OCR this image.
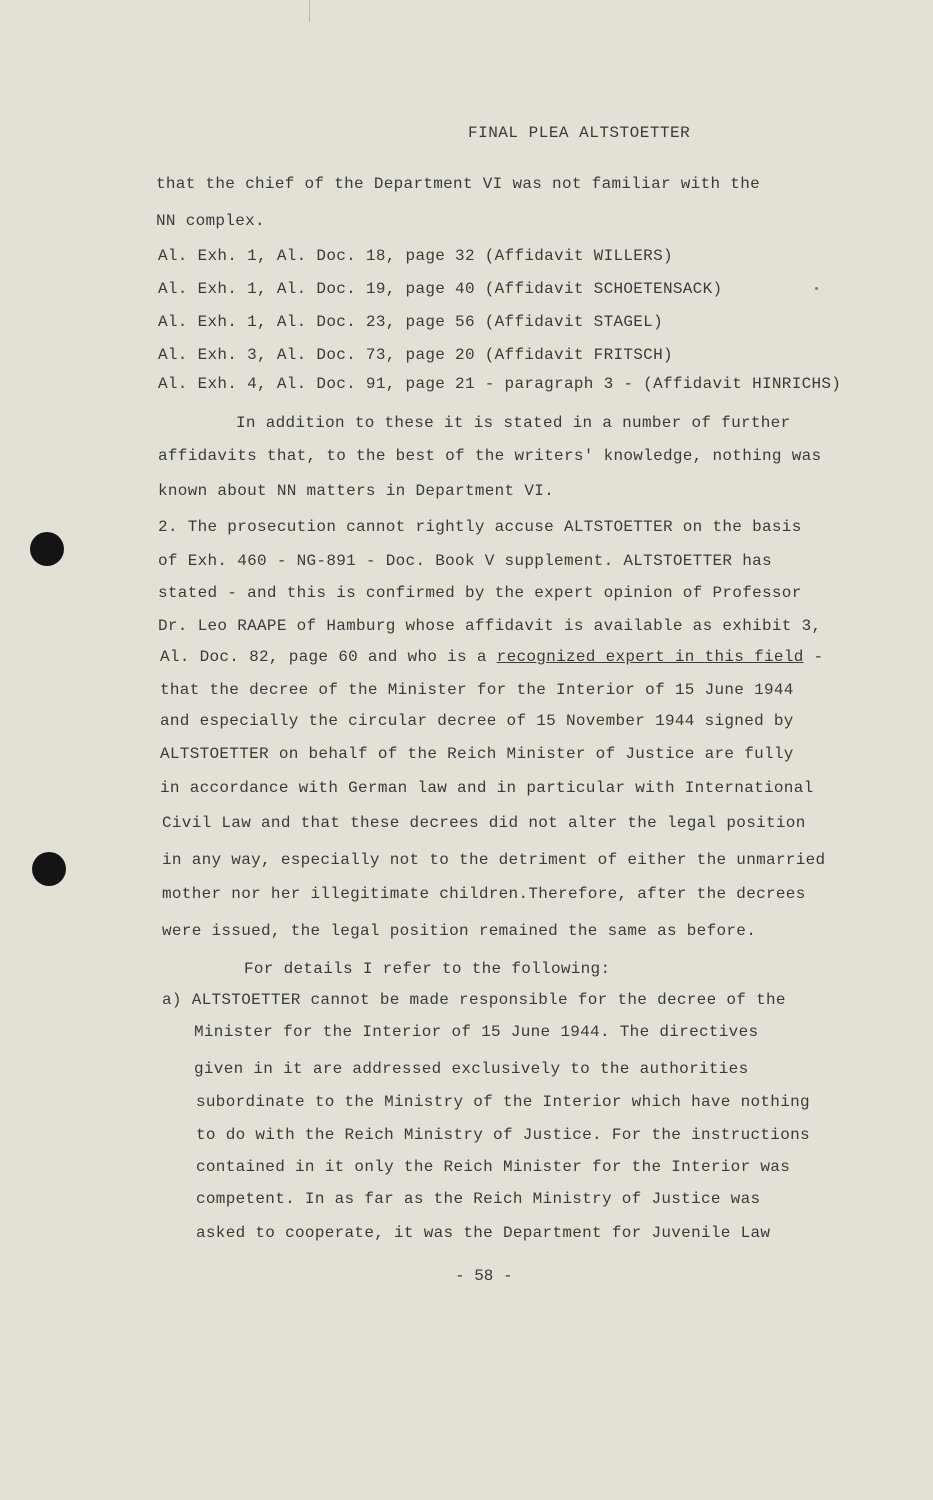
FINAL PLEA ALTSTOETTER
that the chief of the Department VI was not familiar with the
NN complex.
Al. Exh. 1, Al. Doc. 18, page 32 (Affidavit WILLERS)
Al. Exh. 1, Al. Doc. 19, page 40 (Affidavit SCHOETENSACK)
Al. Exh. 1, Al. Doc. 23, page 56 (Affidavit STAGEL)
Al. Exh. 3, Al. Doc. 73, page 20 (Affidavit FRITSCH)
Al. Exh. 4, Al. Doc. 91, page 21 - paragraph 3 - (Affidavit HINRICHS)
In addition to these it is stated in a number of further
affidavits that, to the best of the writers' knowledge, nothing was
known about NN matters in Department VI.
2. The prosecution cannot rightly accuse ALTSTOETTER on the basis
of Exh. 460 - NG-891 - Doc. Book V supplement. ALTSTOETTER has
stated - and this is confirmed by the expert opinion of Professor
Dr. Leo RAAPE of Hamburg whose affidavit is available as exhibit 3,
Al. Doc. 82, page 60 and who is a recognized expert in this field -
that the decree of the Minister for the Interior of 15 June 1944
and especially the circular decree of 15 November 1944 signed by
ALTSTOETTER on behalf of the Reich Minister of Justice are fully
in accordance with German law and in particular with International
Civil Law and that these decrees did not alter the legal position
in any way, especially not to the detriment of either the unmarried
mother nor her illegitimate children.Therefore, after the decrees
were issued, the legal position remained the same as before.
For details I refer to the following:
a) ALTSTOETTER cannot be made responsible for the decree of the
Minister for the Interior of 15 June 1944. The directives
given in it are addressed exclusively to the authorities
subordinate to the Ministry of the Interior which have nothing
to do with the Reich Ministry of Justice. For the instructions
contained in it only the Reich Minister for the Interior was
competent. In as far as the Reich Ministry of Justice was
asked to cooperate, it was the Department for Juvenile Law
- 58 -
